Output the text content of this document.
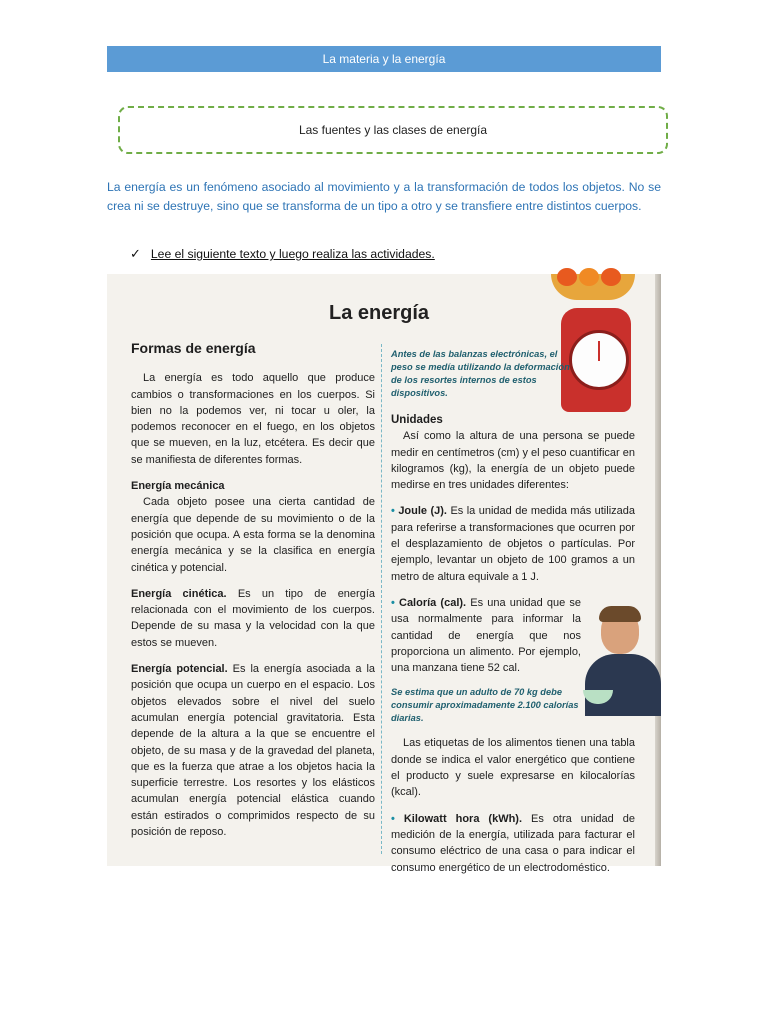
La materia y la energía
Las fuentes y las clases de energía
La energía es un fenómeno asociado al movimiento y a la transformación de todos los objetos. No se crea ni se destruye, sino que se transforma de un tipo a otro y se transfiere entre distintos cuerpos.
✓ Lee el siguiente texto y luego realiza las actividades.
La energía
Formas de energía

La energía es todo aquello que produce cambios o transformaciones en los cuerpos. Si bien no la podemos ver, ni tocar u oler, la podemos reconocer en el fuego, en los objetos que se mueven, en la luz, etcétera. Es decir que se manifiesta de diferentes formas.

Energía mecánica

Cada objeto posee una cierta cantidad de energía que depende de su movimiento o de la posición que ocupa. A esta forma se la denomina energía mecánica y se la clasifica en energía cinética y potencial.

Energía cinética. Es un tipo de energía relacionada con el movimiento de los cuerpos. Depende de su masa y la velocidad con la que estos se mueven.

Energía potencial. Es la energía asociada a la posición que ocupa un cuerpo en el espacio. Los objetos elevados sobre el nivel del suelo acumulan energía potencial gravitatoria. Esta depende de la altura a la que se encuentre el objeto, de su masa y de la gravedad del planeta, que es la fuerza que atrae a los objetos hacia la superficie terrestre. Los resortes y los elásticos acumulan energía potencial elástica cuando están estirados o comprimidos respecto de su posición de reposo.

Antes de las balanzas electrónicas, el peso se medía utilizando la deformación de los resortes internos de estos dispositivos.
Unidades

Así como la altura de una persona se puede medir en centímetros (cm) y el peso cuantificar en kilogramos (kg), la energía de un objeto puede medirse en tres unidades diferentes:

• Joule (J). Es la unidad de medida más utilizada para referirse a transformaciones que ocurren por el desplazamiento de objetos o partículas. Por ejemplo, levantar un objeto de 100 gramos a un metro de altura equivale a 1 J.

• Caloría (cal). Es una unidad que se usa normalmente para informar la cantidad de energía que nos proporciona un alimento. Por ejemplo, una manzana tiene 52 cal.

Se estima que un adulto de 70 kg debe consumir aproximadamente 2.100 calorías diarias.

Las etiquetas de los alimentos tienen una tabla donde se indica el valor energético que contiene el producto y suele expresarse en kilocalorías (kcal).

• Kilowatt hora (kWh). Es otra unidad de medición de la energía, utilizada para facturar el consumo eléctrico de una casa o para indicar el consumo energético de un electrodoméstico.
